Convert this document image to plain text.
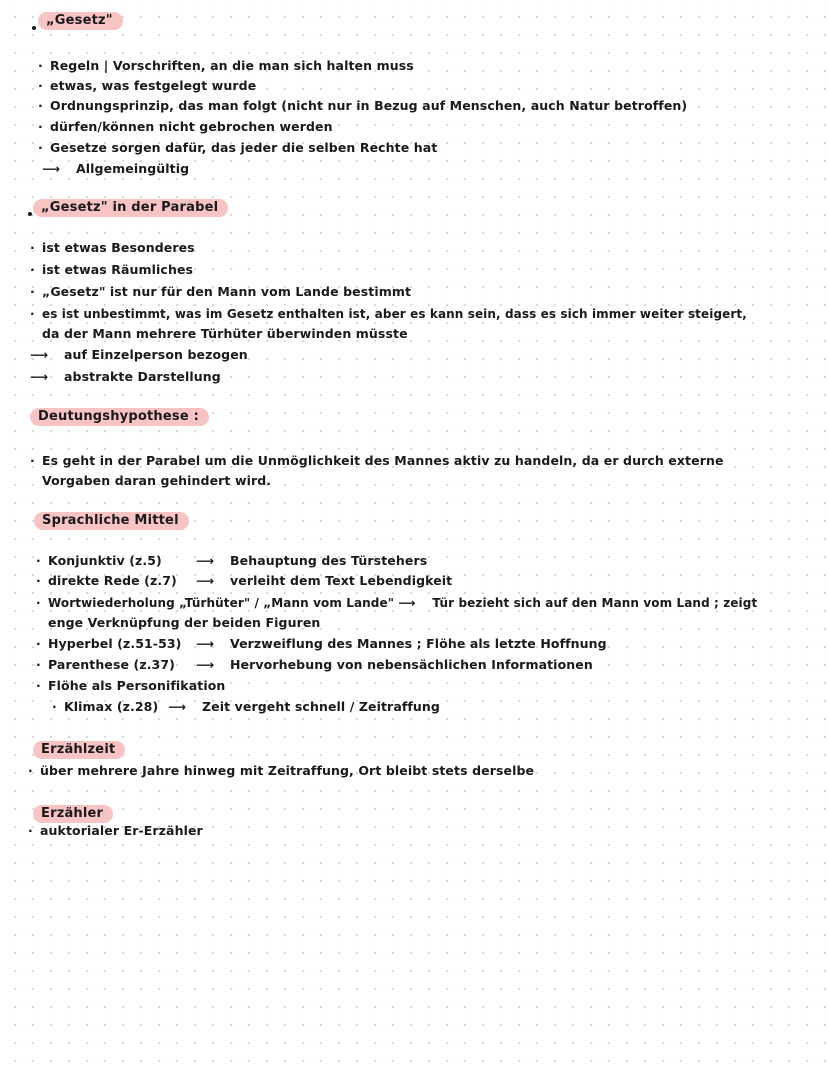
„Gesetz"
· Regeln | Vorschriften, an die man sich halten muss
· etwas, was festgelegt wurde
· Ordnungsprinzip, das man folgt (nicht nur in Bezug auf Menschen, auch Natur betroffen)
· dürfen/können nicht gebrochen werden
· Gesetze sorgen dafür, das jeder die selben Rechte hat
⟶ Allgemeingültig
„Gesetz" in der Parabel
· ist etwas Besonderes
· ist etwas Räumliches
· „Gesetz" ist nur für den Mann vom Lande bestimmt
· es ist unbestimmt, was im Gesetz enthalten ist, aber es kann sein, dass es sich immer weiter steigert,
da der Mann mehrere Türhüter überwinden müsste
⟶ auf Einzelperson bezogen
⟶ abstrakte Darstellung
Deutungshypothese :
· Es geht in der Parabel um die Unmöglichkeit des Mannes aktiv zu handeln, da er durch externe
Vorgaben daran gehindert wird.
Sprachliche Mittel
· Konjunktiv (z.5)	⟶ Behauptung des Türstehers
· direkte Rede (z.7) ⟶ verleiht dem Text Lebendigkeit
· Wortwiederholung „Türhüter" / „Mann vom Lande" ⟶ Tür bezieht sich auf den Mann vom Land ; zeigt
enge Verknüpfung der beiden Figuren
· Hyperbel (z.51-53) ⟶ Verzweiflung des Mannes ; Flöhe als letzte Hoffnung
· Parenthese (z.37) ⟶ Hervorhebung von nebensächlichen Informationen
· Flöhe als Personifikation
· Klimax (z.28) ⟶ Zeit vergeht schnell / Zeitraffung
Erzählzeit
· über mehrere Jahre hinweg mit Zeitraffung, Ort bleibt stets derselbe
Erzähler
· auktorialer Er-Erzähler
